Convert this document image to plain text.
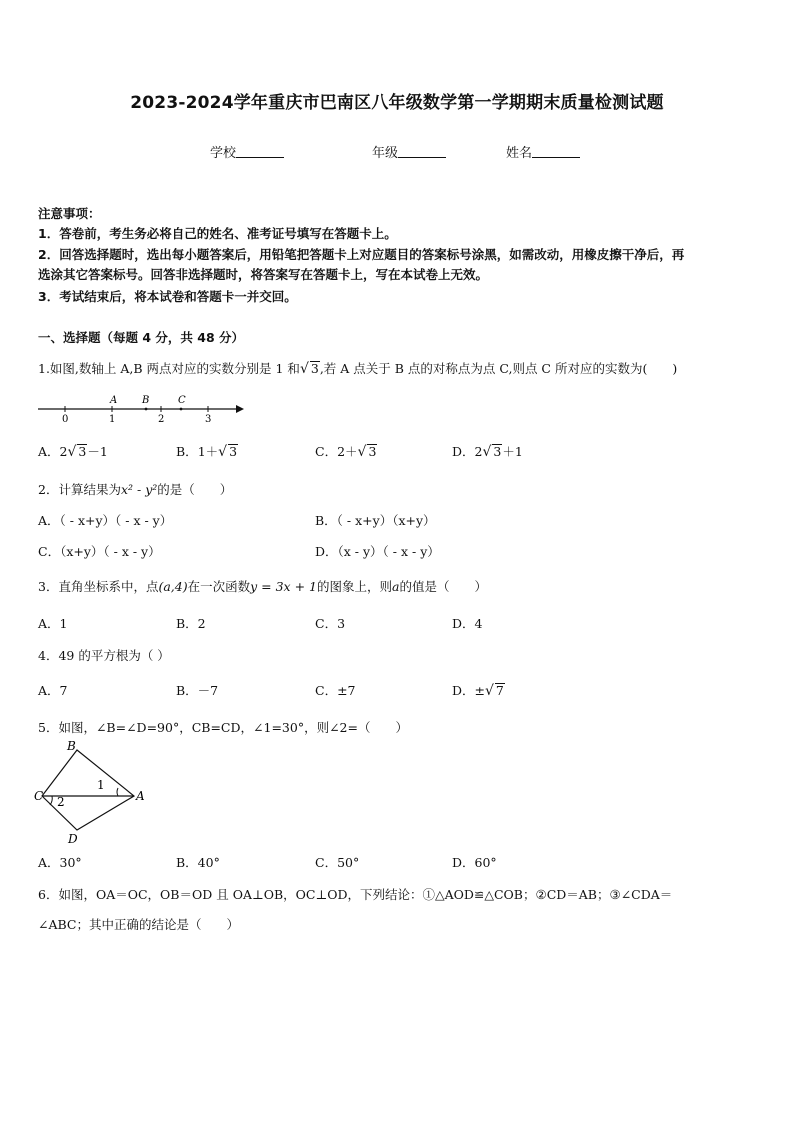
2023-2024学年重庆市巴南区八年级数学第一学期期末质量检测试题
学校	年级	姓名
注意事项：
1．答卷前，考生务必将自己的姓名、准考证号填写在答题卡上。
2．回答选择题时，选出每小题答案后，用铅笔把答题卡上对应题目的答案标号涂黑，如需改动，用橡皮擦干净后，再
选涂其它答案标号。回答非选择题时，将答案写在答题卡上，写在本试卷上无效。
3．考试结束后，将本试卷和答题卡一并交回。
一、选择题（每题 4 分，共 48 分）
1.如图,数轴上 A,B 两点对应的实数分别是 1 和√ 3,若 A 点关于 B 点的对称点为点 C,则点 C 所对应的实数为(　　)
A B	C
0	1	2	3
A．2√ 3－1	B．1＋√ 3	C．2＋√ 3	D．2√ 3＋1
2．计算结果为x² - y²的是（　　）
A．（ - x+y）（ - x - y）	B．（ - x+y）（x+y）
C．（x+y）（ - x - y）	D．（x - y）（ - x - y）
3．直角坐标系中，点(a,4)在一次函数y = 3x + 1的图象上，则a的值是（　　）
A．1	B．2	C．3	D．4
4．49 的平方根为（ ）
A．7	B．－7	C．±7	D．±√ 7
5．如图，∠B=∠D=90°，CB=CD，∠1=30°，则∠2=（　　）
B
C	A
D
1
2
A．30°	B．40°	C．50°	D．60°
6．如图，OA＝OC，OB＝OD 且 OA⊥OB，OC⊥OD，下列结论：①△AOD≌△COB；②CD＝AB；③∠CDA＝
∠ABC；其中正确的结论是（　　）
